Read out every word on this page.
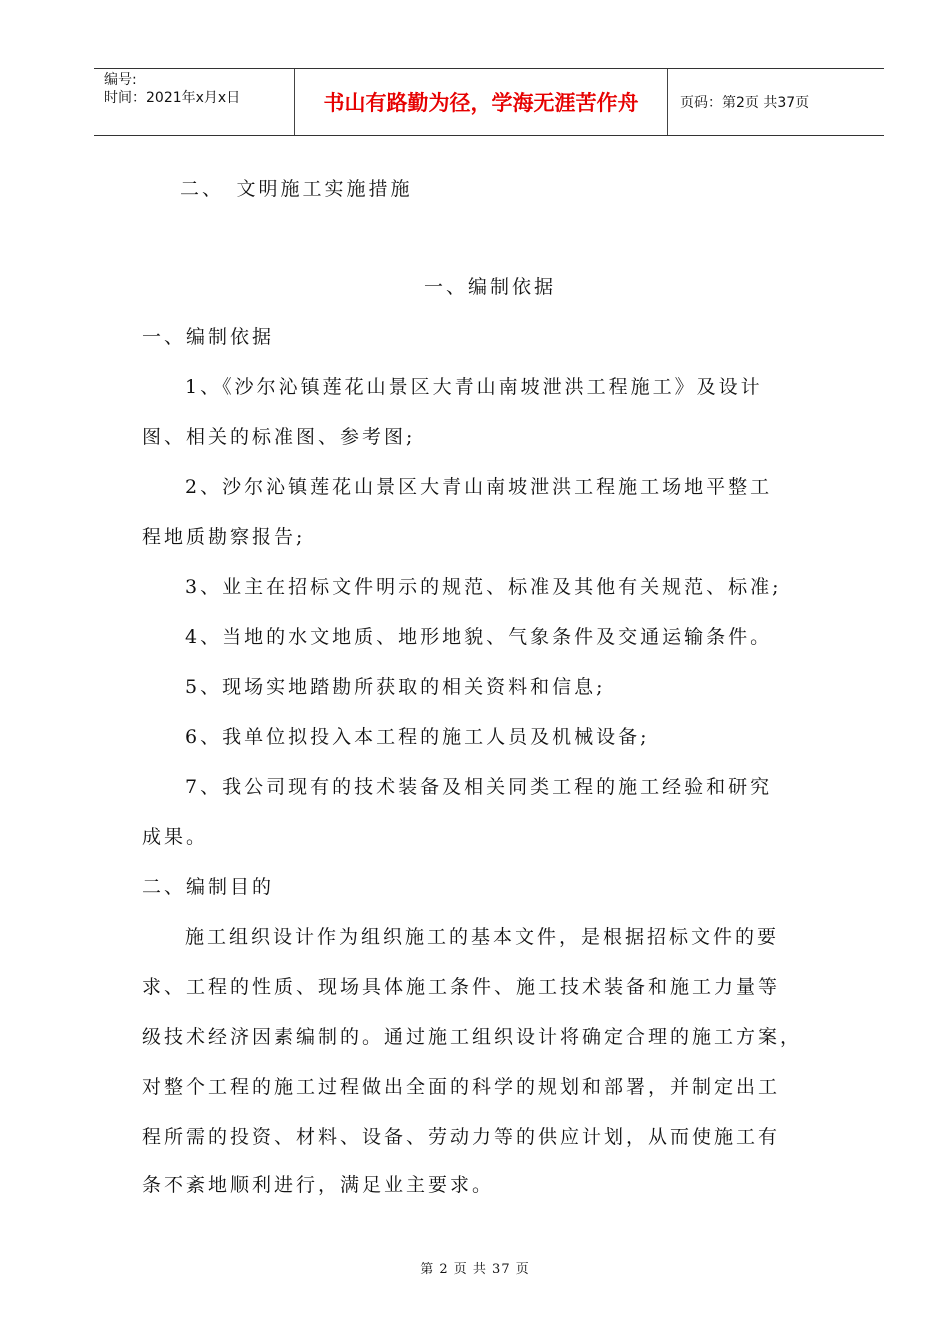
编号:
时间：2021年x月x日	书山有路勤为径，学海无涯苦作舟	页码：第2页 共37页
二、　文明施工实施措施
一、编制依据
一、编制依据
1、《沙尔沁镇莲花山景区大青山南坡泄洪工程施工》及设计
图、相关的标准图、参考图;
2、沙尔沁镇莲花山景区大青山南坡泄洪工程施工场地平整工
程地质勘察报告;
3、业主在招标文件明示的规范、标准及其他有关规范、标准;
4、当地的水文地质、地形地貌、气象条件及交通运输条件。
5、现场实地踏勘所获取的相关资料和信息;
6、我单位拟投入本工程的施工人员及机械设备;
7、我公司现有的技术装备及相关同类工程的施工经验和研究
成果。
二、编制目的
施工组织设计作为组织施工的基本文件，是根据招标文件的要
求、工程的性质、现场具体施工条件、施工技术装备和施工力量等
级技术经济因素编制的。通过施工组织设计将确定合理的施工方案，
对整个工程的施工过程做出全面的科学的规划和部署，并制定出工
程所需的投资、材料、设备、劳动力等的供应计划，从而使施工有
条不紊地顺利进行，满足业主要求。
第 2 页 共 37 页
